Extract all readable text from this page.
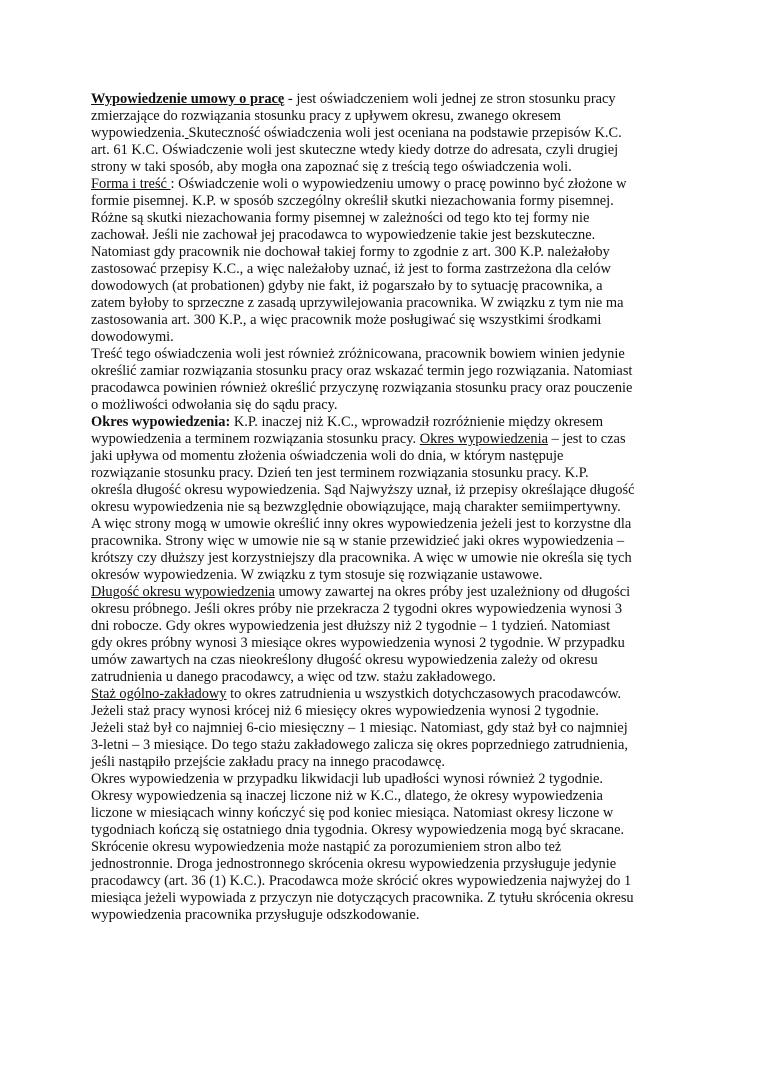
Wypowiedzenie umowy o pracę - jest oświadczeniem woli jednej ze stron stosunku pracy
zmierzające do rozwiązania stosunku pracy z upływem okresu, zwanego okresem
wypowiedzenia. Skuteczność oświadczenia woli jest oceniana na podstawie przepisów K.C.
art. 61 K.C. Oświadczenie woli jest skuteczne wtedy kiedy dotrze do adresata, czyli drugiej
strony w taki sposób, aby mogła ona zapoznać się z treścią tego oświadczenia woli.
Forma i treść : Oświadczenie woli o wypowiedzeniu umowy o pracę powinno być złożone w
formie pisemnej. K.P. w sposób szczególny określił skutki niezachowania formy pisemnej.
Różne są skutki niezachowania formy pisemnej w zależności od tego kto tej formy nie
zachował. Jeśli nie zachował jej pracodawca to wypowiedzenie takie jest bezskuteczne.
Natomiast gdy pracownik nie dochował takiej formy to zgodnie z art. 300 K.P. należałoby
zastosować przepisy K.C., a więc należałoby uznać, iż jest to forma zastrzeżona dla celów
dowodowych (at probationen) gdyby nie fakt, iż pogarszało by to sytuację pracownika, a
zatem byłoby to sprzeczne z zasadą uprzywilejowania pracownika. W związku z tym nie ma
zastosowania art. 300 K.P., a więc pracownik może posługiwać się wszystkimi środkami
dowodowymi.
Treść tego oświadczenia woli jest również zróżnicowana, pracownik bowiem winien jedynie
określić zamiar rozwiązania stosunku pracy oraz wskazać termin jego rozwiązania. Natomiast
pracodawca powinien również określić przyczynę rozwiązania stosunku pracy oraz pouczenie
o możliwości odwołania się do sądu pracy.
Okres wypowiedzenia: K.P. inaczej niż K.C., wprowadził rozróżnienie między okresem
wypowiedzenia a terminem rozwiązania stosunku pracy. Okres wypowiedzenia – jest to czas
jaki upływa od momentu złożenia oświadczenia woli do dnia, w którym następuje
rozwiązanie stosunku pracy. Dzień ten jest terminem rozwiązania stosunku pracy. K.P.
określa długość okresu wypowiedzenia. Sąd Najwyższy uznał, iż przepisy określające długość
okresu wypowiedzenia nie są bezwzględnie obowiązujące, mają charakter semiimpertywny.
A więc strony mogą w umowie określić inny okres wypowiedzenia jeżeli jest to korzystne dla
pracownika. Strony więc w umowie nie są w stanie przewidzieć jaki okres wypowiedzenia –
krótszy czy dłuższy jest korzystniejszy dla pracownika. A więc w umowie nie określa się tych
okresów wypowiedzenia. W związku z tym stosuje się rozwiązanie ustawowe.
Długość okresu wypowiedzenia umowy zawartej na okres próby jest uzależniony od długości
okresu próbnego. Jeśli okres próby nie przekracza 2 tygodni okres wypowiedzenia wynosi 3
dni robocze. Gdy okres wypowiedzenia jest dłuższy niż 2 tygodnie – 1 tydzień. Natomiast
gdy okres próbny wynosi 3 miesiące okres wypowiedzenia wynosi 2 tygodnie. W przypadku
umów zawartych na czas nieokreślony długość okresu wypowiedzenia zależy od okresu
zatrudnienia u danego pracodawcy, a więc od tzw. stażu zakładowego.
Staż ogólno-zakładowy to okres zatrudnienia u wszystkich dotychczasowych pracodawców.
Jeżeli staż pracy wynosi krócej niż 6 miesięcy okres wypowiedzenia wynosi 2 tygodnie.
Jeżeli staż był co najmniej 6-cio miesięczny – 1 miesiąc. Natomiast, gdy staż był co najmniej
3-letni – 3 miesiące. Do tego stażu zakładowego zalicza się okres poprzedniego zatrudnienia,
jeśli nastąpiło przejście zakładu pracy na innego pracodawcę.
Okres wypowiedzenia w przypadku likwidacji lub upadłości wynosi również 2 tygodnie.
Okresy wypowiedzenia są inaczej liczone niż w K.C., dlatego, że okresy wypowiedzenia
liczone w miesiącach winny kończyć się pod koniec miesiąca. Natomiast okresy liczone w
tygodniach kończą się ostatniego dnia tygodnia. Okresy wypowiedzenia mogą być skracane.
Skrócenie okresu wypowiedzenia może nastąpić za porozumieniem stron albo też
jednostronnie. Droga jednostronnego skrócenia okresu wypowiedzenia przysługuje jedynie
pracodawcy (art. 36 (1) K.C.). Pracodawca może skrócić okres wypowiedzenia najwyżej do 1
miesiąca jeżeli wypowiada z przyczyn nie dotyczących pracownika. Z tytułu skrócenia okresu
wypowiedzenia pracownika przysługuje odszkodowanie.
